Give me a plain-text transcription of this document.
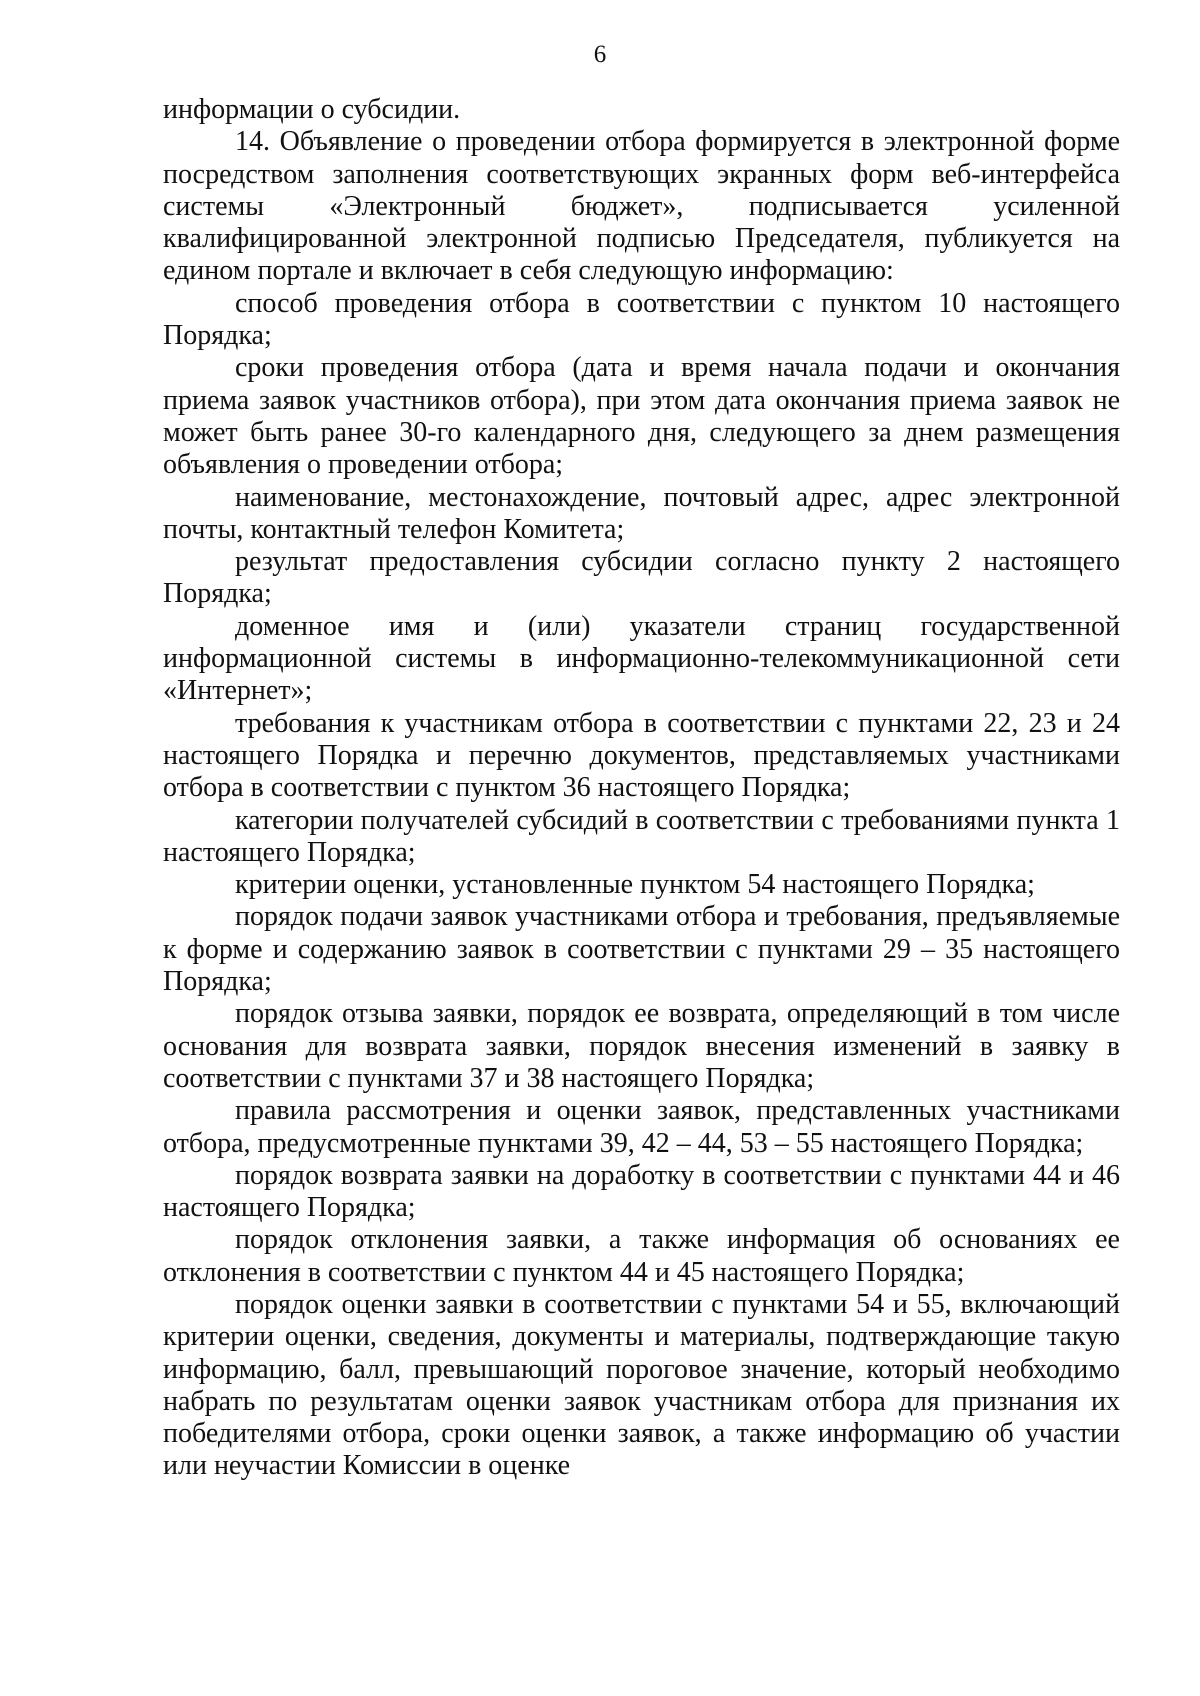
6

информации о субсидии.

14. Объявление о проведении отбора формируется в электронной форме посредством заполнения соответствующих экранных форм веб-интерфейса системы «Электронный бюджет», подписывается усиленной квалифицированной электронной подписью Председателя, публикуется на едином портале и включает в себя следующую информацию:

способ проведения отбора в соответствии с пунктом 10 настоящего Порядка;

сроки проведения отбора (дата и время начала подачи и окончания приема заявок участников отбора), при этом дата окончания приема заявок не может быть ранее 30-го календарного дня, следующего за днем размещения объявления о проведении отбора;

наименование, местонахождение, почтовый адрес, адрес электронной почты, контактный телефон Комитета;

результат предоставления субсидии согласно пункту 2 настоящего Порядка;

доменное имя и (или) указатели страниц государственной информационной системы в информационно-телекоммуникационной сети «Интернет»;

требования к участникам отбора в соответствии с пунктами 22, 23 и 24 настоящего Порядка и перечню документов, представляемых участниками отбора в соответствии с пунктом 36 настоящего Порядка;

категории получателей субсидий в соответствии с требованиями пункта 1 настоящего Порядка;

критерии оценки, установленные пунктом 54 настоящего Порядка;

порядок подачи заявок участниками отбора и требования, предъявляемые к форме и содержанию заявок в соответствии с пунктами 29 – 35 настоящего Порядка;

порядок отзыва заявки, порядок ее возврата, определяющий в том числе основания для возврата заявки, порядок внесения изменений в заявку в соответствии с пунктами 37 и 38 настоящего Порядка;

правила рассмотрения и оценки заявок, представленных участниками отбора, предусмотренные пунктами 39, 42 – 44, 53 – 55 настоящего Порядка;

порядок возврата заявки на доработку в соответствии с пунктами 44 и 46 настоящего Порядка;

порядок отклонения заявки, а также информация об основаниях ее отклонения в соответствии с пунктом 44 и 45 настоящего Порядка;

порядок оценки заявки в соответствии с пунктами 54 и 55, включающий критерии оценки, сведения, документы и материалы, подтверждающие такую информацию, балл, превышающий пороговое значение, который необходимо набрать по результатам оценки заявок участникам отбора для признания их победителями отбора, сроки оценки заявок, а также информацию об участии или неучастии Комиссии в оценке
